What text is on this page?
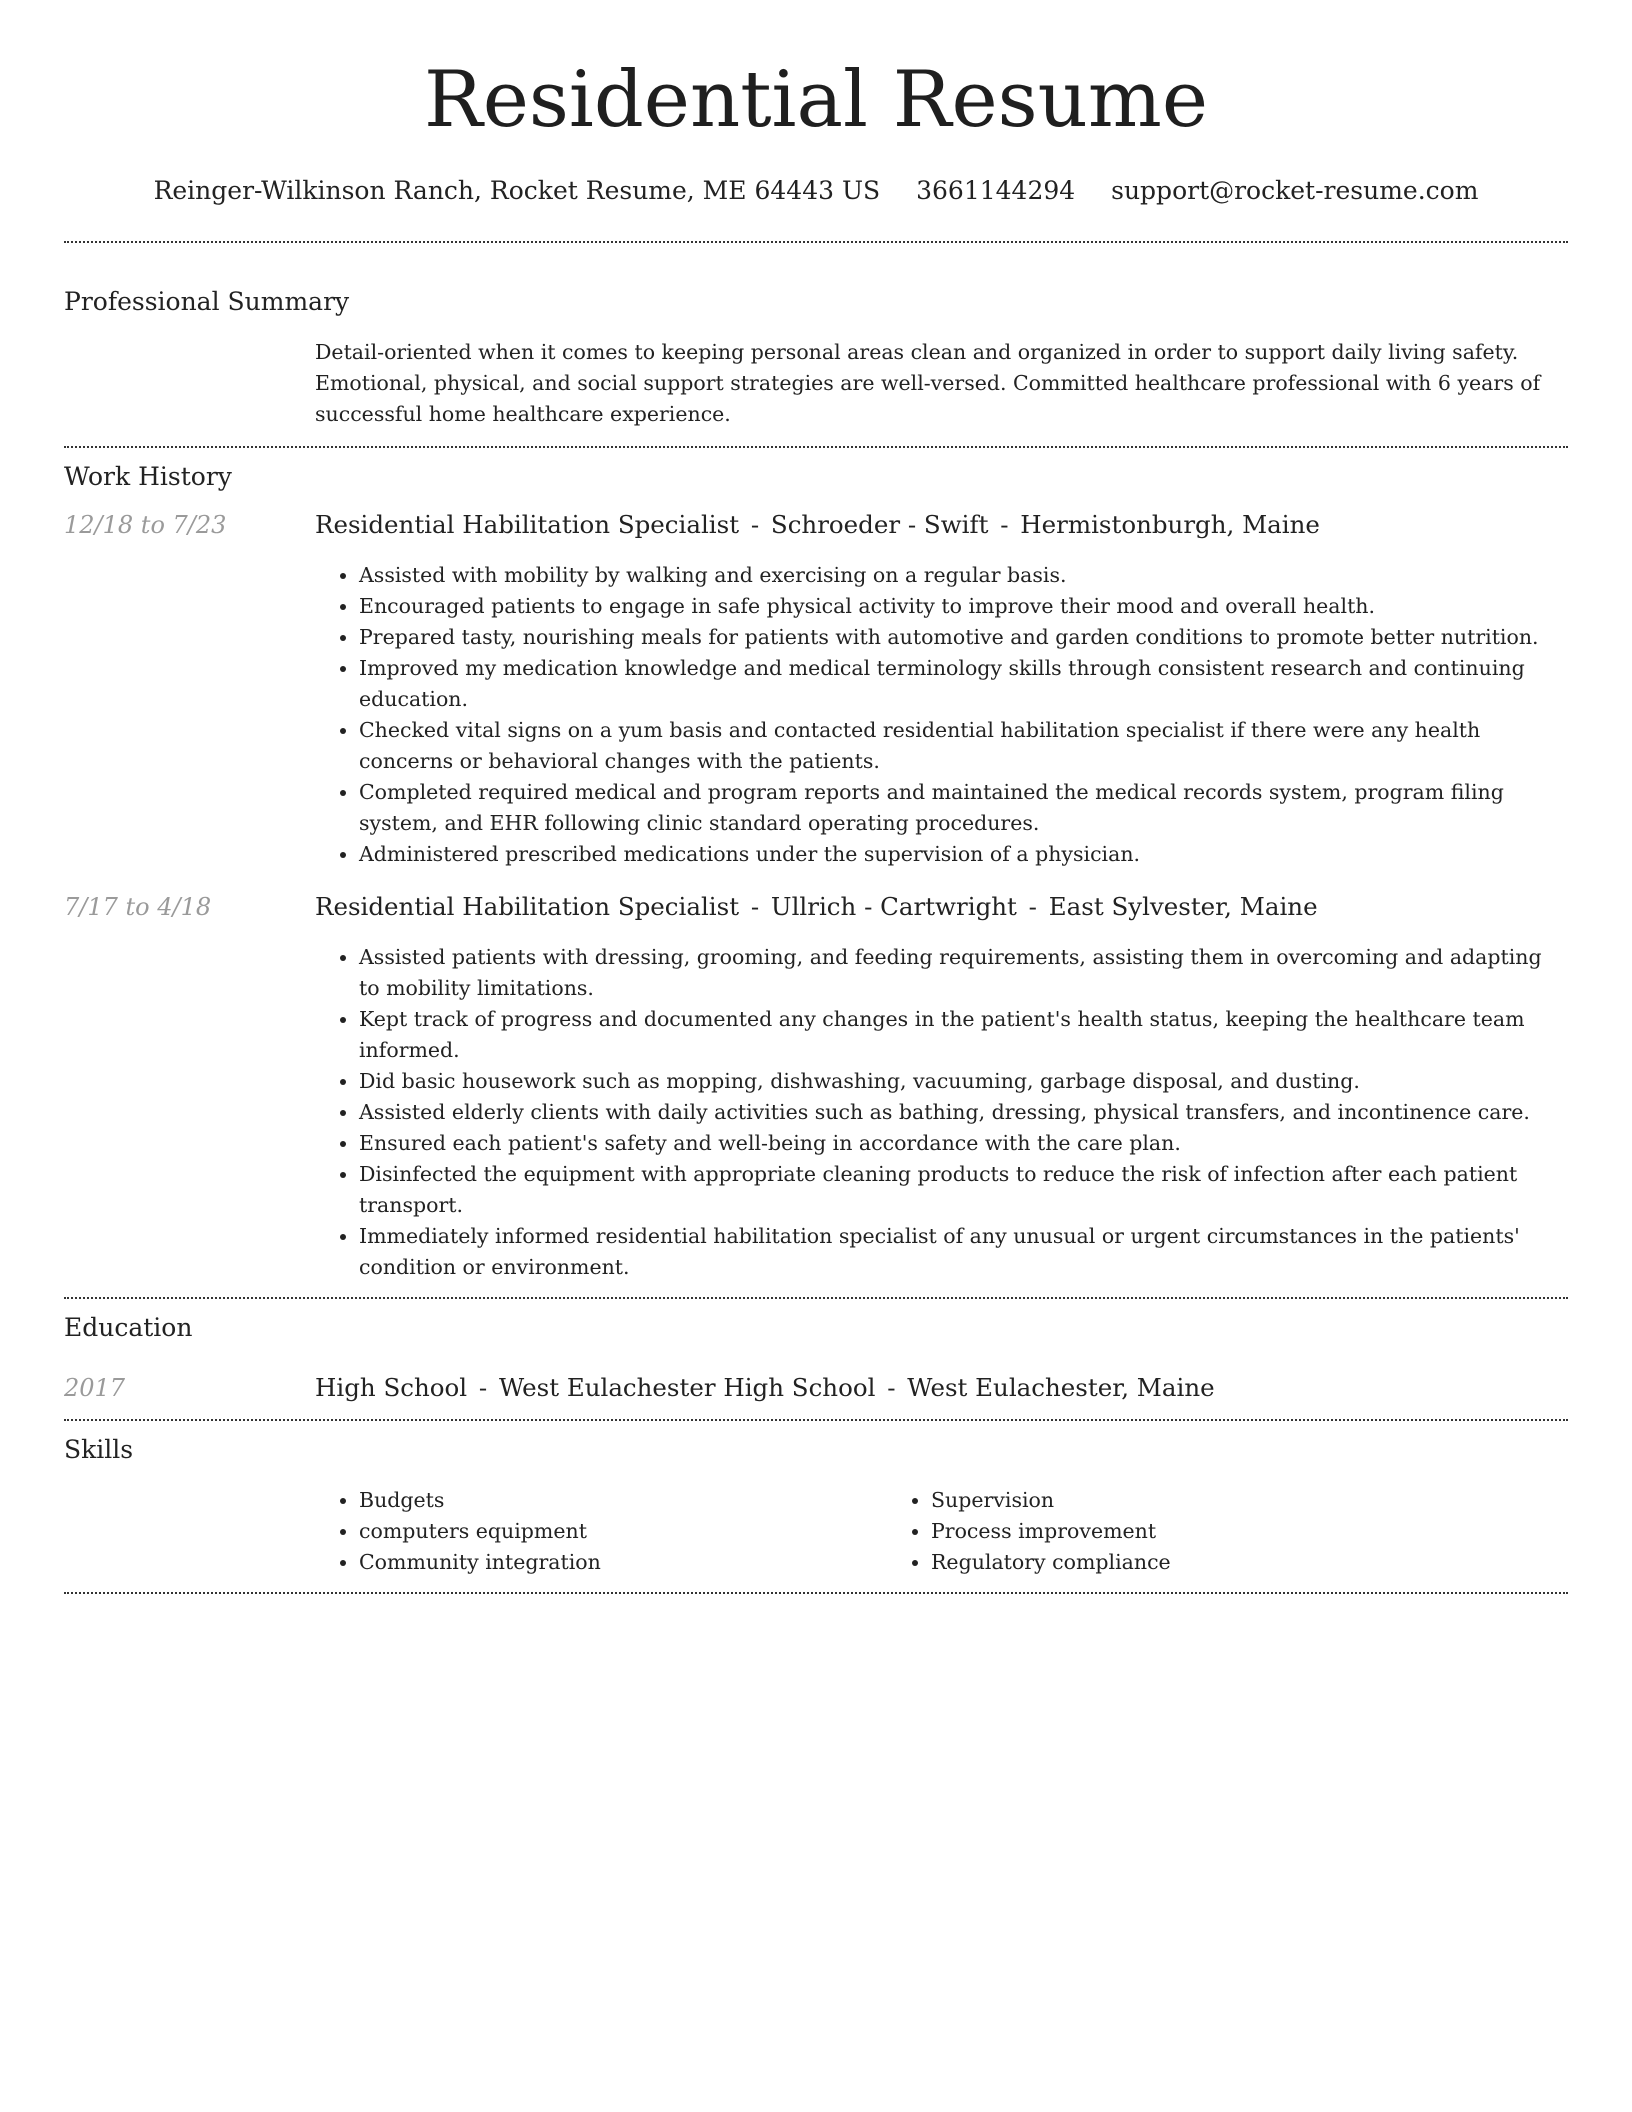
Residential Resume
Reinger-Wilkinson Ranch, Rocket Resume, ME 64443 US 3661144294 support@rocket-resume.com
Professional Summary
Detail-oriented when it comes to keeping personal areas clean and organized in order to support daily living safety. Emotional, physical, and social support strategies are well-versed. Committed healthcare professional with 6 years of successful home healthcare experience.
Work History
12/18 to 7/23	Residential Habilitation Specialist - Schroeder - Swift - Hermistonburgh, Maine
• Assisted with mobility by walking and exercising on a regular basis.
• Encouraged patients to engage in safe physical activity to improve their mood and overall health.
• Prepared tasty, nourishing meals for patients with automotive and garden conditions to promote better nutrition.
• Improved my medication knowledge and medical terminology skills through consistent research and continuing education.
• Checked vital signs on a yum basis and contacted residential habilitation specialist if there were any health concerns or behavioral changes with the patients.
• Completed required medical and program reports and maintained the medical records system, program filing system, and EHR following clinic standard operating procedures.
• Administered prescribed medications under the supervision of a physician.
7/17 to 4/18	Residential Habilitation Specialist - Ullrich - Cartwright - East Sylvester, Maine
• Assisted patients with dressing, grooming, and feeding requirements, assisting them in overcoming and adapting to mobility limitations.
• Kept track of progress and documented any changes in the patient's health status, keeping the healthcare team informed.
• Did basic housework such as mopping, dishwashing, vacuuming, garbage disposal, and dusting.
• Assisted elderly clients with daily activities such as bathing, dressing, physical transfers, and incontinence care.
• Ensured each patient's safety and well-being in accordance with the care plan.
• Disinfected the equipment with appropriate cleaning products to reduce the risk of infection after each patient transport.
• Immediately informed residential habilitation specialist of any unusual or urgent circumstances in the patients' condition or environment.
Education
2017	High School - West Eulachester High School - West Eulachester, Maine
Skills
• Budgets
• computers equipment
• Community integration
• Supervision
• Process improvement
• Regulatory compliance
